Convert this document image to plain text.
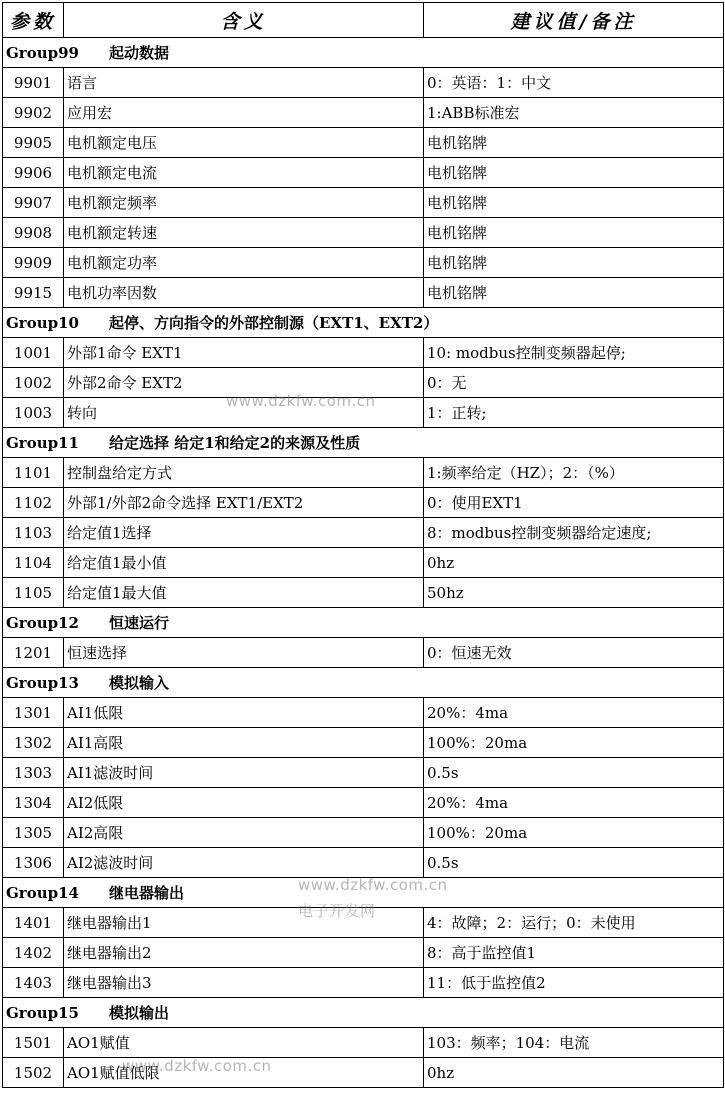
参数	含义	建议值/备注
Group99 起动数据		
9901	语言	0：英语：1：中文
9902	应用宏	1:ABB标准宏
9905	电机额定电压	电机铭牌
9906	电机额定电流	电机铭牌
9907	电机额定频率	电机铭牌
9908	电机额定转速	电机铭牌
9909	电机额定功率	电机铭牌
9915	电机功率因数	电机铭牌
Group10 起停、方向指令的外部控制源（EXT1、EXT2）		
1001	外部1命令 EXT1	10: modbus控制变频器起停;
1002	外部2命令 EXT2	0：无
1003	转向	1：正转;
Group11 给定选择 给定1和给定2的来源及性质		
1101	控制盘给定方式	1:频率给定（HZ）；2：（%）
1102	外部1/外部2命令选择 EXT1/EXT2	0：使用EXT1
1103	给定值1选择	8：modbus控制变频器给定速度;
1104	给定值1最小值	0hz
1105	给定值1最大值	50hz
Group12 恒速运行		
1201	恒速选择	0：恒速无效
Group13 模拟输入		
1301	AI1低限	20%：4ma
1302	AI1高限	100%：20ma
1303	AI1滤波时间	0.5s
1304	AI2低限	20%：4ma
1305	AI2高限	100%：20ma
1306	AI2滤波时间	0.5s
Group14 继电器输出		
1401	继电器输出1	4：故障；2：运行；0：未使用
1402	继电器输出2	8：高于监控值1
1403	继电器输出3	11：低于监控值2
Group15 模拟输出		
1501	AO1赋值	103：频率；104：电流
1502	AO1赋值低限	0hz
www.dzkfw.com.cn
www.dzkfw.com.cn
电子开发网
www.dzkfw.com.cn
